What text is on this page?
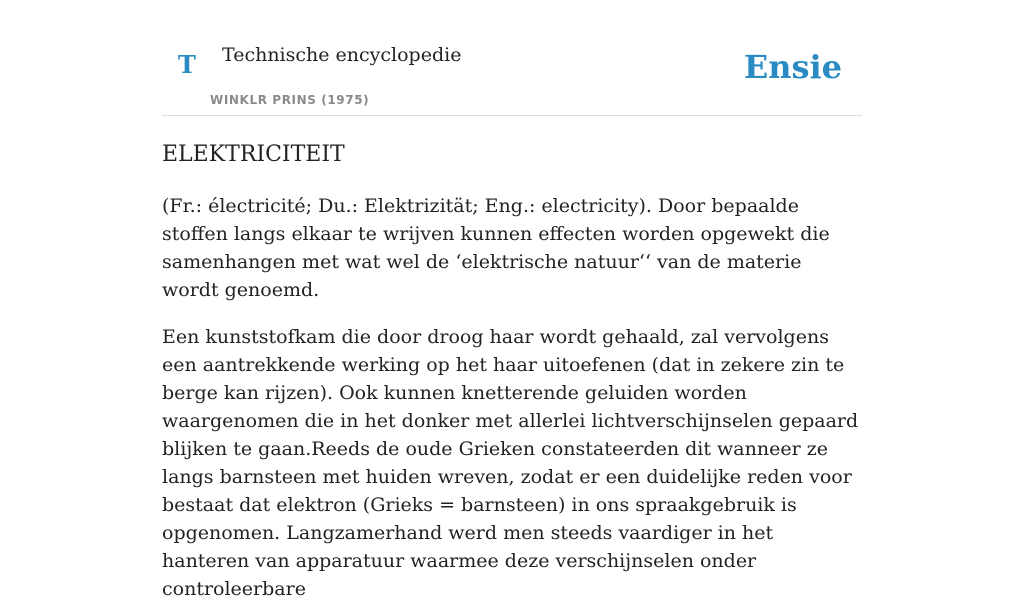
T Technische encyclopedie
WINKLR PRINS (1975)
Ensie
ELEKTRICITEIT

(Fr.: électricité; Du.: Elektrizität; Eng.: electricity). Door bepaalde stoffen langs elkaar te wrijven kunnen effecten worden opgewekt die samenhangen met wat wel de ‘elektrische natuur‘‘ van de materie wordt genoemd.

Een kunststofkam die door droog haar wordt gehaald, zal vervolgens een aantrekkende werking op het haar uitoefenen (dat in zekere zin te berge kan rijzen). Ook kunnen knetterende geluiden worden waargenomen die in het donker met allerlei lichtverschijnselen gepaard blijken te gaan.Reeds de oude Grieken constateerden dit wanneer ze langs barnsteen met huiden wreven, zodat er een duidelijke reden voor bestaat dat elektron (Grieks = barnsteen) in ons spraakgebruik is opgenomen. Langzamerhand werd men steeds vaardiger in het hanteren van apparatuur waarmee deze verschijnselen onder controleerbare
